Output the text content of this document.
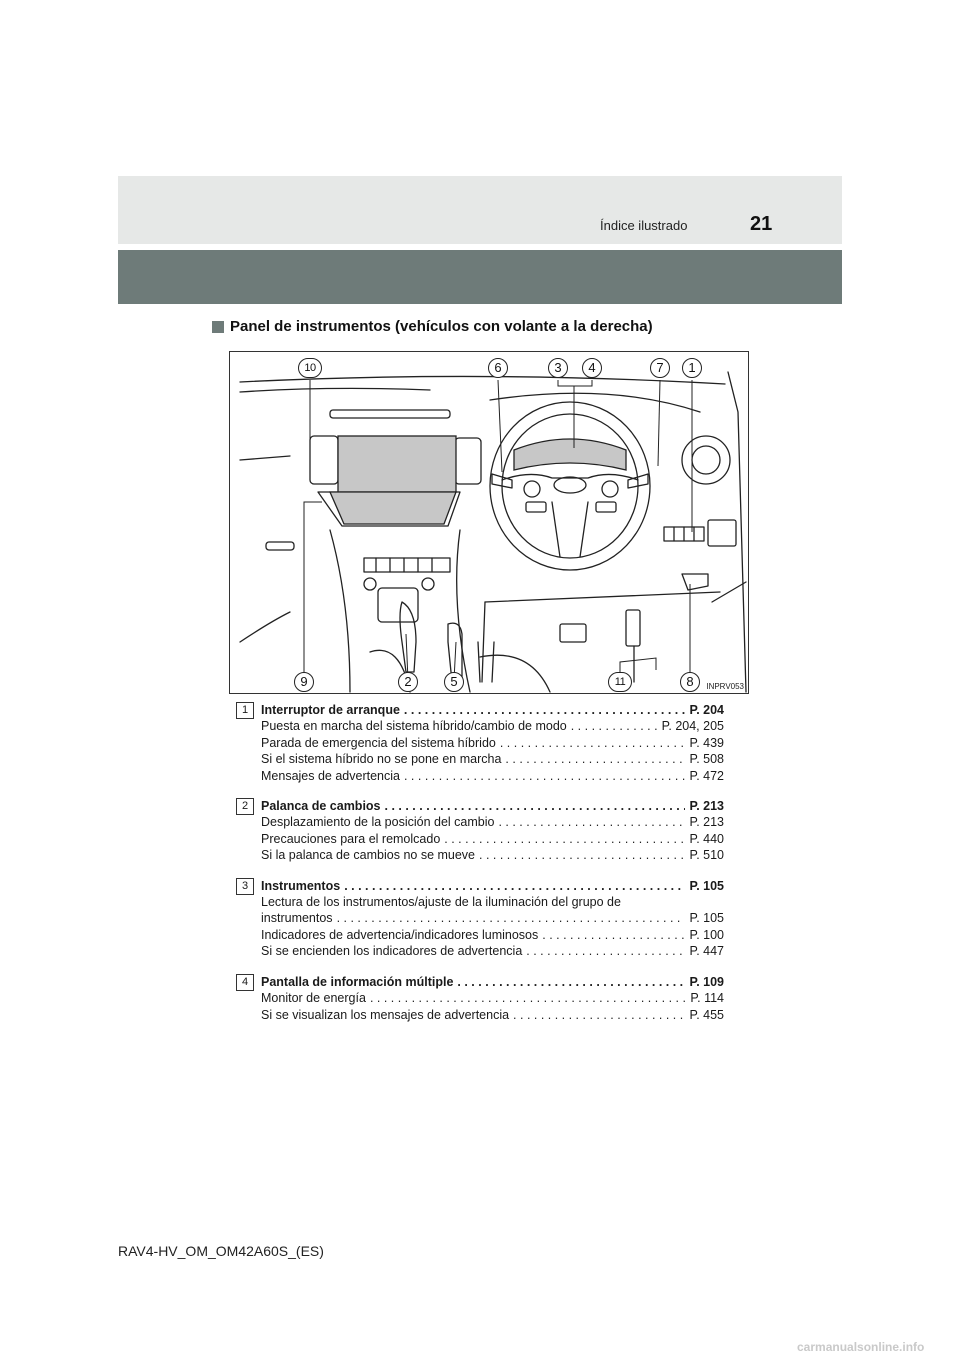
Índice ilustrado	21
Panel de instrumentos (vehículos con volante a la derecha)
10	6	3	4	7	1
9	2	5	11	8	INPRV053
1	Interruptor de arranque . . .	P. 204
Puesta en marcha del sistema híbrido/cambio de modo . . .	P. 204, 205
Parada de emergencia del sistema híbrido . . .	P. 439
Si el sistema híbrido no se pone en marcha . . .	P. 508
Mensajes de advertencia . . .	P. 472
2	Palanca de cambios . . .	P. 213
Desplazamiento de la posición del cambio . . .	P. 213
Precauciones para el remolcado . . .	P. 440
Si la palanca de cambios no se mueve . . .	P. 510
3	Instrumentos . . .	P. 105
Lectura de los instrumentos/ajuste de la iluminación del grupo de
instrumentos . . .	P. 105
Indicadores de advertencia/indicadores luminosos . . .	P. 100
Si se encienden los indicadores de advertencia . . .	P. 447
4	Pantalla de información múltiple . . .	P. 109
Monitor de energía . . .	P. 114
Si se visualizan los mensajes de advertencia . . .	P. 455
RAV4-HV_OM_OM42A60S_(ES)
carmanualsonline.info
